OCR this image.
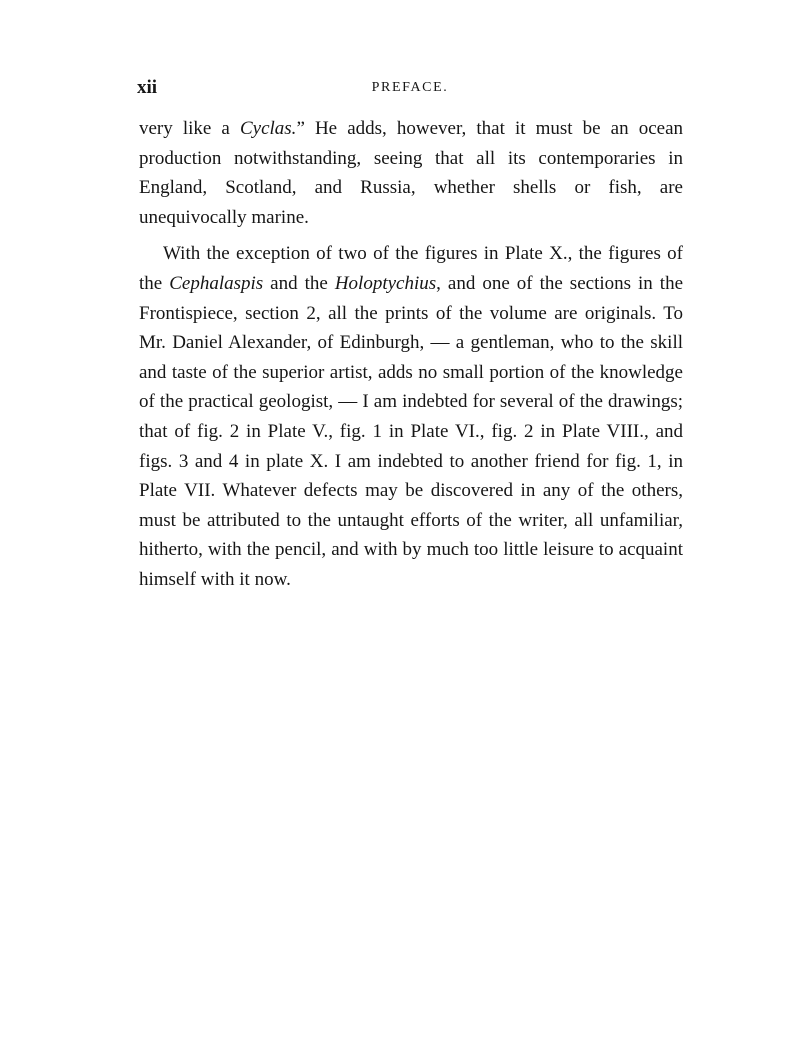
xii	PREFACE.

very like a Cyclas.” He adds, however, that it must be an ocean production notwithstanding, seeing that all its contemporaries in England, Scotland, and Russia, whether shells or fish, are unequivocally marine.

With the exception of two of the figures in Plate X., the figures of the Cephalaspis and the Holoptychius, and one of the sections in the Frontispiece, section 2, all the prints of the volume are originals. To Mr. Daniel Alexander, of Edinburgh, — a gentleman, who to the skill and taste of the superior artist, adds no small portion of the knowledge of the practical geologist, — I am indebted for several of the drawings; that of fig. 2 in Plate V., fig. 1 in Plate VI., fig. 2 in Plate VIII., and figs. 3 and 4 in plate X. I am indebted to another friend for fig. 1, in Plate VII. Whatever defects may be discovered in any of the others, must be attributed to the untaught efforts of the writer, all unfamiliar, hitherto, with the pencil, and with by much too little leisure to acquaint himself with it now.
